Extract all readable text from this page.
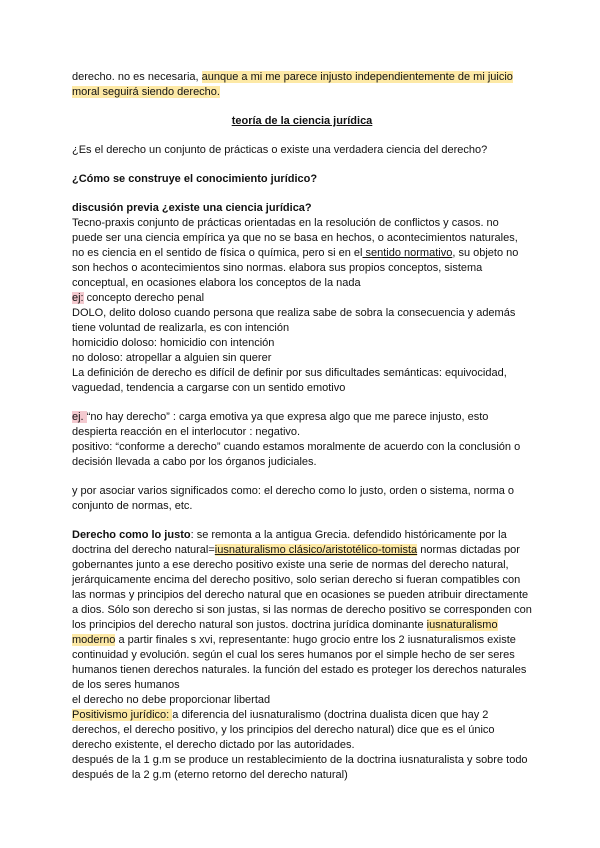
derecho. no es necesaria, aunque a mi me parece injusto independientemente de mi juicio moral seguirá siendo derecho.

teoría de la ciencia jurídica

¿Es el derecho un conjunto de prácticas o existe una verdadera ciencia del derecho?

¿Cómo se construye el conocimiento jurídico?

discusión previa ¿existe una ciencia jurídica?

Tecno-praxis conjunto de prácticas orientadas en la resolución de conflictos y casos. no puede ser una ciencia empírica ya que no se basa en hechos, o acontecimientos naturales, no es ciencia en el sentido de física o química, pero si en el sentido normativo, su objeto no son hechos o acontecimientos sino normas. elabora sus propios conceptos, sistema conceptual, en ocasiones elabora los conceptos de la nada

ej: concepto derecho penal

DOLO, delito doloso cuando persona que realiza sabe de sobra la consecuencia y además tiene voluntad de realizarla, es con intención

homicidio doloso: homicidio con intención

no doloso: atropellar a alguien sin querer

La definición de derecho es difícil de definir por sus dificultades semánticas: equivocidad, vaguedad, tendencia a cargarse con un sentido emotivo

ej. “no hay derecho” : carga emotiva ya que expresa algo que me parece injusto, esto despierta reacción en el interlocutor : negativo.

positivo: “conforme a derecho” cuando estamos moralmente de acuerdo con la conclusión o decisión llevada a cabo por los órganos judiciales.

y por asociar varios significados como: el derecho como lo justo, orden o sistema, norma o conjunto de normas, etc.

Derecho como lo justo: se remonta a la antigua Grecia. defendido históricamente por la doctrina del derecho natural=iusnaturalismo clásico/aristotélico-tomista normas dictadas por gobernantes junto a ese derecho positivo existe una serie de normas del derecho natural, jerárquicamente encima del derecho positivo, solo serian derecho si fueran compatibles con las normas y principios del derecho natural que en ocasiones se pueden atribuir directamente a dios. Sólo son derecho si son justas, si las normas de derecho positivo se corresponden con los principios del derecho natural son justos. doctrina jurídica dominante iusnaturalismo moderno a partir finales s xvi, representante: hugo grocio entre los 2 iusnaturalismos existe continuidad y evolución. según el cual los seres humanos por el simple hecho de ser seres humanos tienen derechos naturales. la función del estado es proteger los derechos naturales de los seres humanos

el derecho no debe proporcionar libertad

Positivismo jurídico: a diferencia del iusnaturalismo (doctrina dualista dicen que hay 2 derechos, el derecho positivo, y los principios del derecho natural) dice que es el único derecho existente, el derecho dictado por las autoridades.

después de la 1 g.m se produce un restablecimiento de la doctrina iusnaturalista y sobre todo después de la 2 g.m (eterno retorno del derecho natural)
